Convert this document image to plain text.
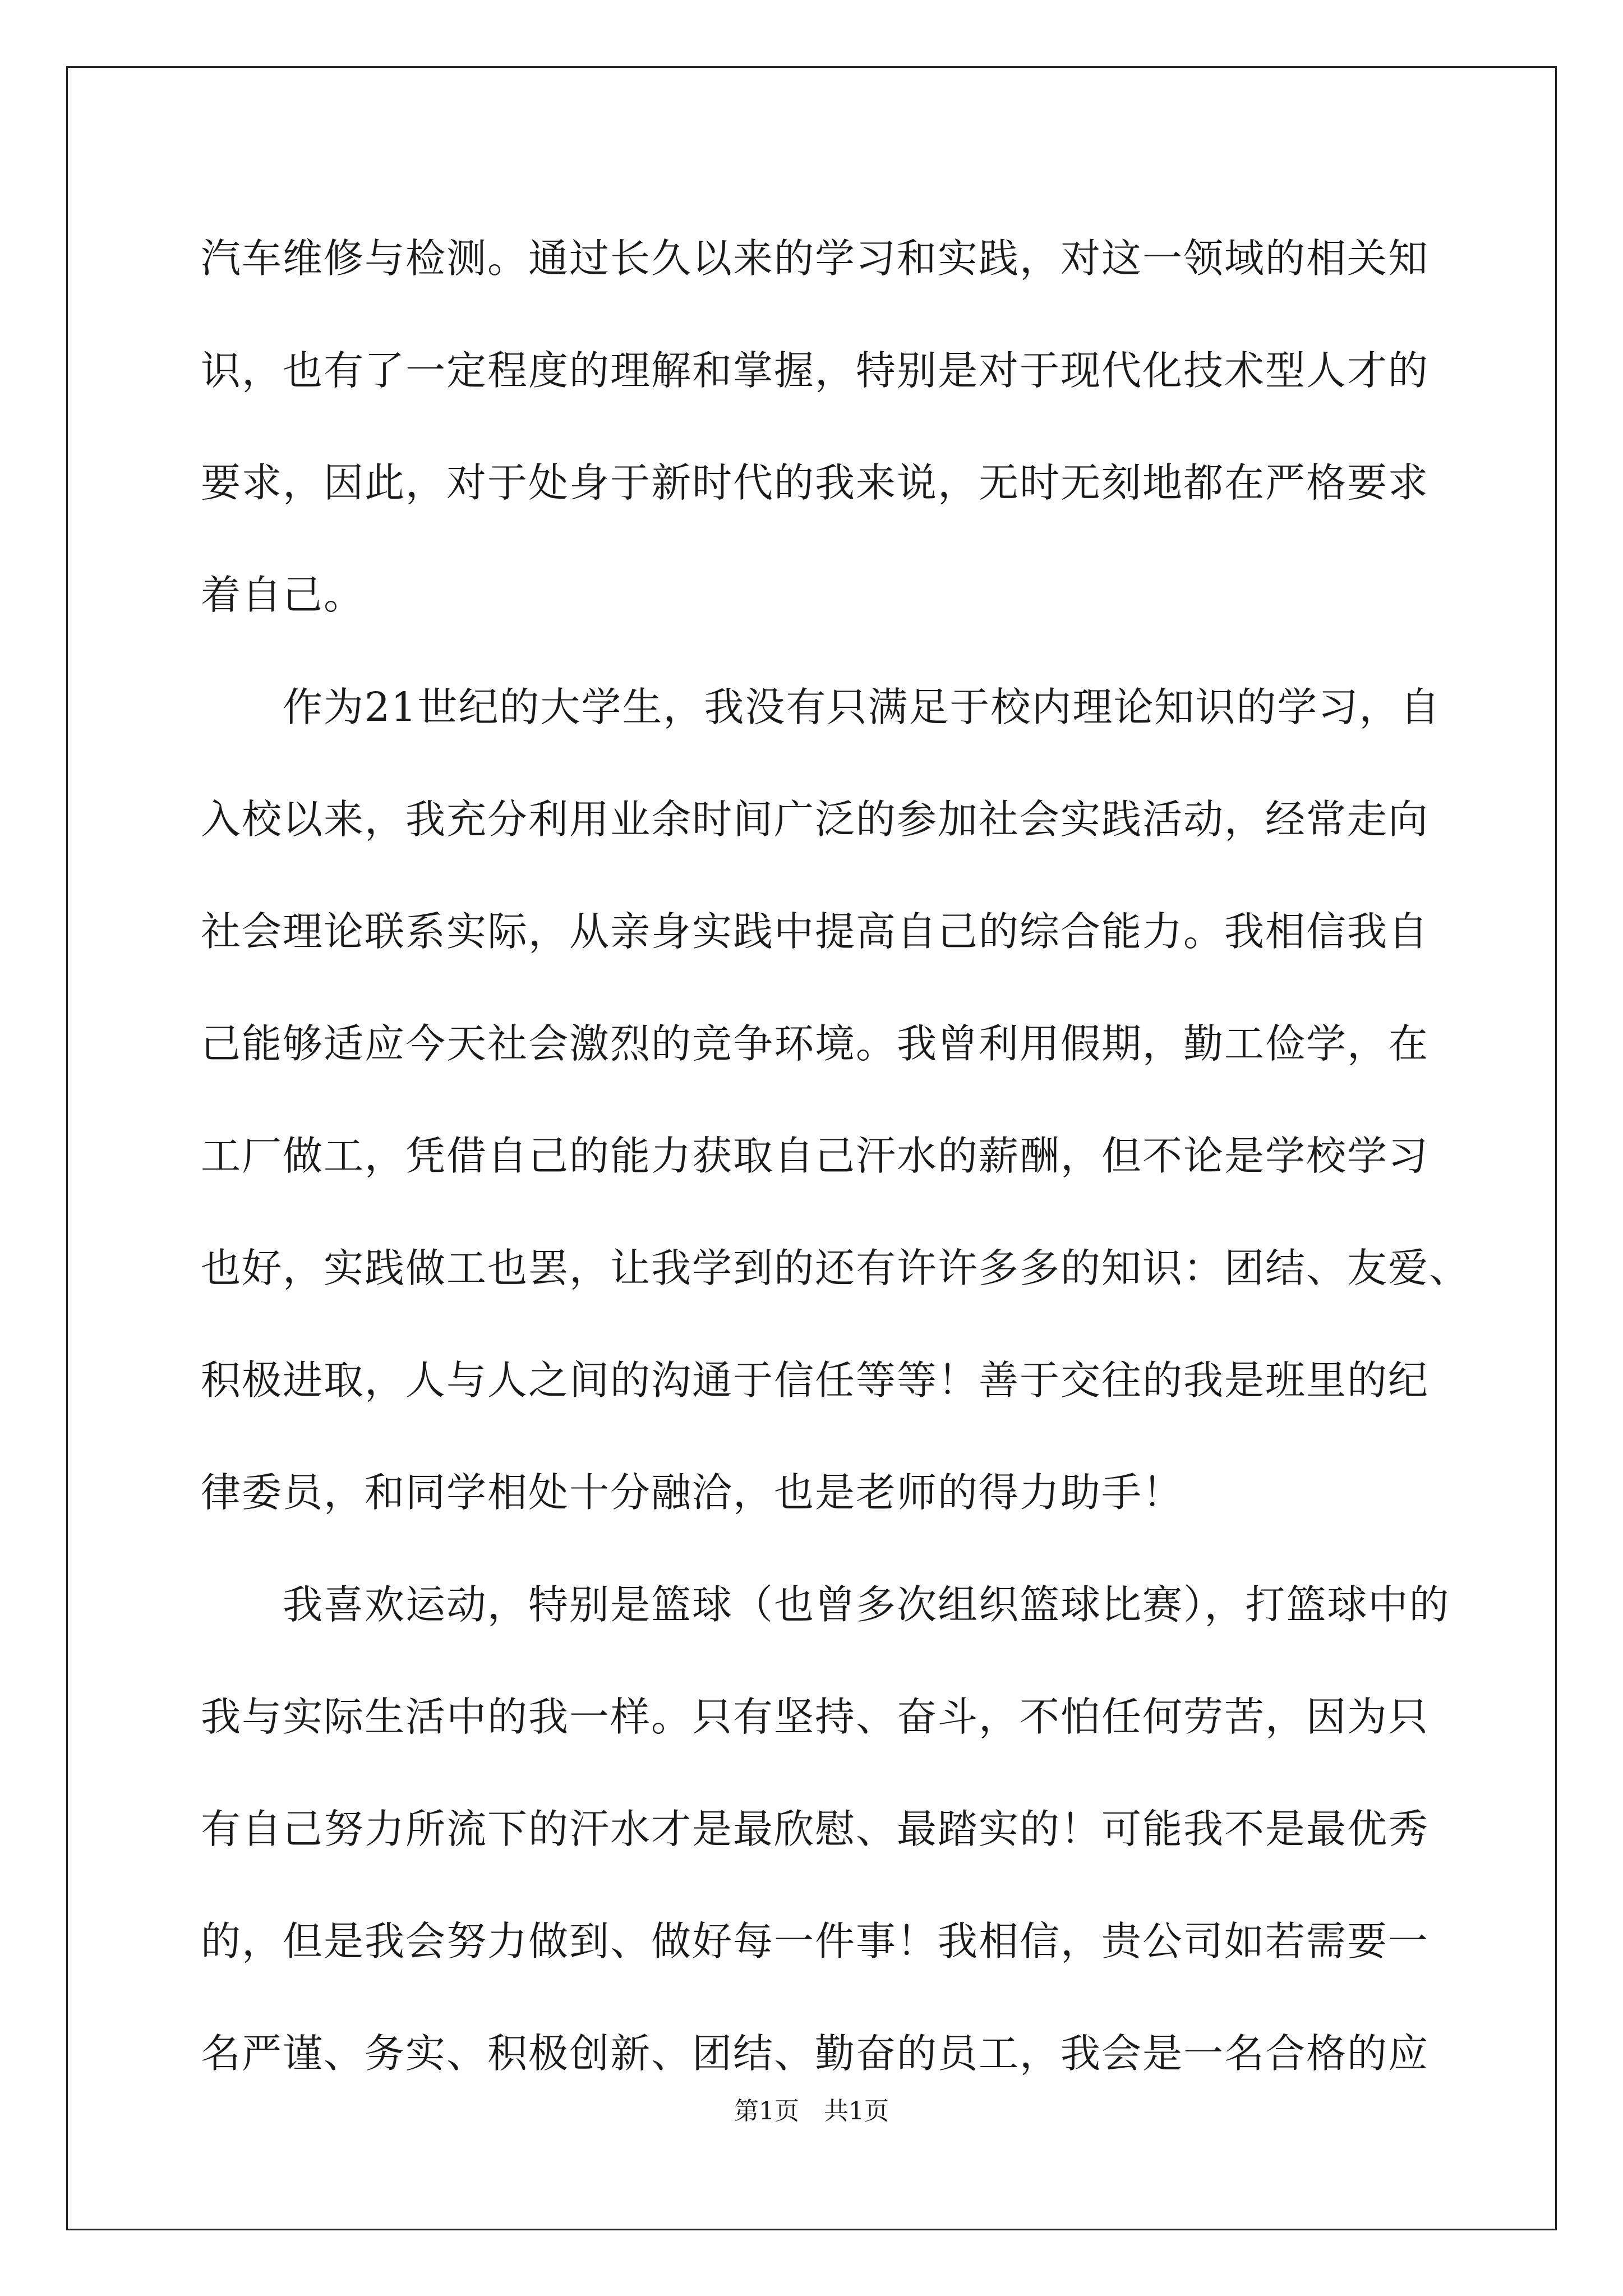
汽车维修与检测。通过长久以来的学习和实践，对这一领域的相关知
识，也有了一定程度的理解和掌握，特别是对于现代化技术型人才的
要求，因此，对于处身于新时代的我来说，无时无刻地都在严格要求
着自己。
　　作为21世纪的大学生，我没有只满足于校内理论知识的学习，自
入校以来，我充分利用业余时间广泛的参加社会实践活动，经常走向
社会理论联系实际，从亲身实践中提高自己的综合能力。我相信我自
己能够适应今天社会激烈的竞争环境。我曾利用假期，勤工俭学，在
工厂做工，凭借自己的能力获取自己汗水的薪酬，但不论是学校学习
也好，实践做工也罢，让我学到的还有许许多多的知识：团结、友爱、
积极进取，人与人之间的沟通于信任等等！善于交往的我是班里的纪
律委员，和同学相处十分融洽，也是老师的得力助手！
　　我喜欢运动，特别是篮球（也曾多次组织篮球比赛），打篮球中的
我与实际生活中的我一样。只有坚持、奋斗，不怕任何劳苦，因为只
有自己努力所流下的汗水才是最欣慰、最踏实的！可能我不是最优秀
的，但是我会努力做到、做好每一件事！我相信，贵公司如若需要一
名严谨、务实、积极创新、团结、勤奋的员工，我会是一名合格的应
第1页　共1页
